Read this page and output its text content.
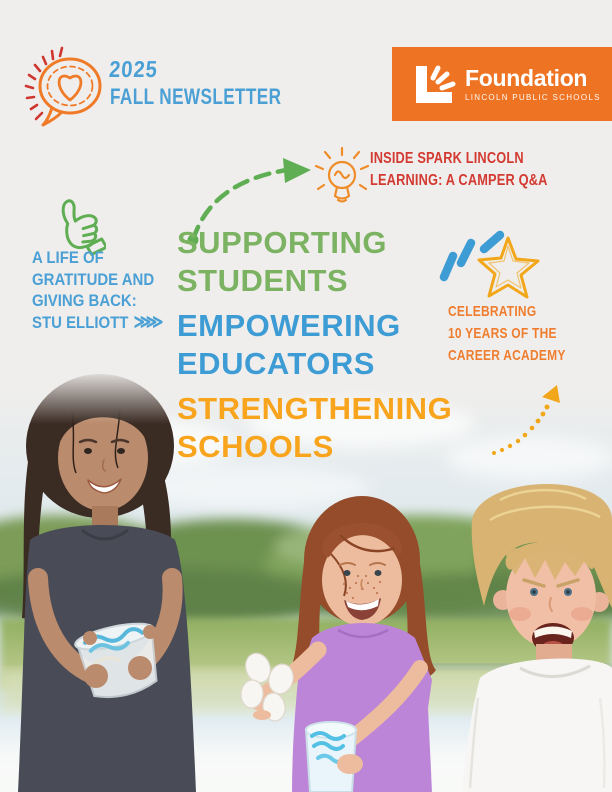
2025
FALL NEWSLETTER
Foundation
LINCOLN PUBLIC SCHOOLS
INSIDE SPARK LINCOLN
LEARNING: A CAMPER Q&A
A LIFE OF
GRATITUDE AND
GIVING BACK:
STU ELLIOTT ≫≫
SUPPORTING
STUDENTS
EMPOWERING
EDUCATORS
STRENGTHENING
SCHOOLS
CELEBRATING
10 YEARS OF THE
CAREER ACADEMY
